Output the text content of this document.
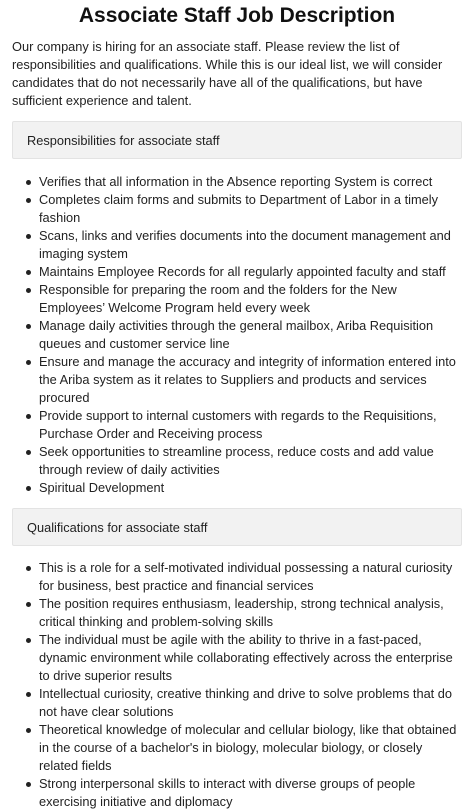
Associate Staff Job Description

Our company is hiring for an associate staff. Please review the list of responsibilities and qualifications. While this is our ideal list, we will consider candidates that do not necessarily have all of the qualifications, but have sufficient experience and talent.

Responsibilities for associate staff
Verifies that all information in the Absence reporting System is correct
Completes claim forms and submits to Department of Labor in a timely fashion
Scans, links and verifies documents into the document management and imaging system
Maintains Employee Records for all regularly appointed faculty and staff
Responsible for preparing the room and the folders for the New Employees’ Welcome Program held every week
Manage daily activities through the general mailbox, Ariba Requisition queues and customer service line
Ensure and manage the accuracy and integrity of information entered into the Ariba system as it relates to Suppliers and products and services procured
Provide support to internal customers with regards to the Requisitions, Purchase Order and Receiving process
Seek opportunities to streamline process, reduce costs and add value through review of daily activities
Spiritual Development
Qualifications for associate staff
This is a role for a self-motivated individual possessing a natural curiosity for business, best practice and financial services
The position requires enthusiasm, leadership, strong technical analysis, critical thinking and problem-solving skills
The individual must be agile with the ability to thrive in a fast-paced, dynamic environment while collaborating effectively across the enterprise to drive superior results
Intellectual curiosity, creative thinking and drive to solve problems that do not have clear solutions
Theoretical knowledge of molecular and cellular biology, like that obtained in the course of a bachelor's in biology, molecular biology, or closely related fields
Strong interpersonal skills to interact with diverse groups of people exercising initiative and diplomacy
